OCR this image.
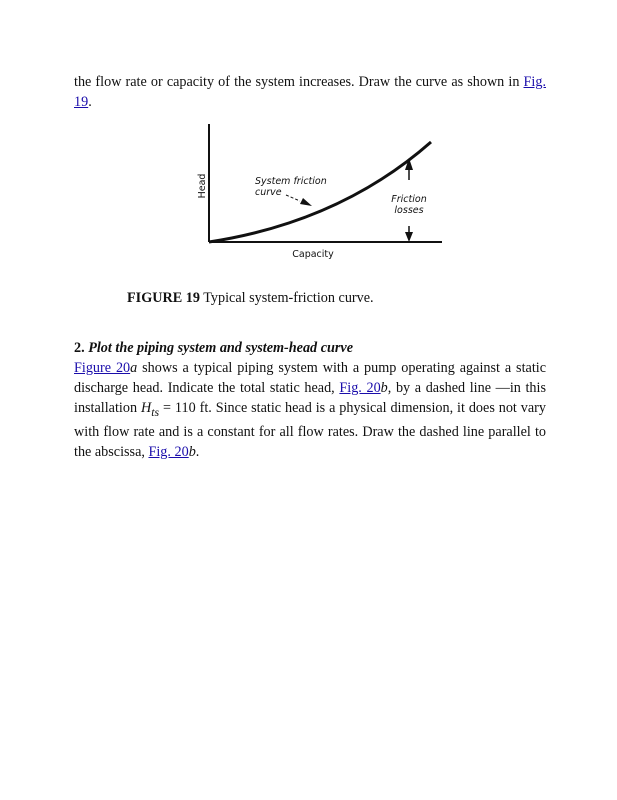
the flow rate or capacity of the system increases. Draw the curve as shown in Fig. 19.

Head
Capacity
System friction
curve
Friction
losses
FIGURE 19 Typical system-friction curve.
2. Plot the piping system and system-head curve

Figure 20a shows a typical piping system with a pump operating against a static discharge head. Indicate the total static head, Fig. 20b, by a dashed line —in this installation $H_{ts} = 110$ ft. Since static head is a physical dimension, it does not vary with flow rate and is a constant for all flow rates. Draw the dashed line parallel to the abscissa, Fig. 20b.
